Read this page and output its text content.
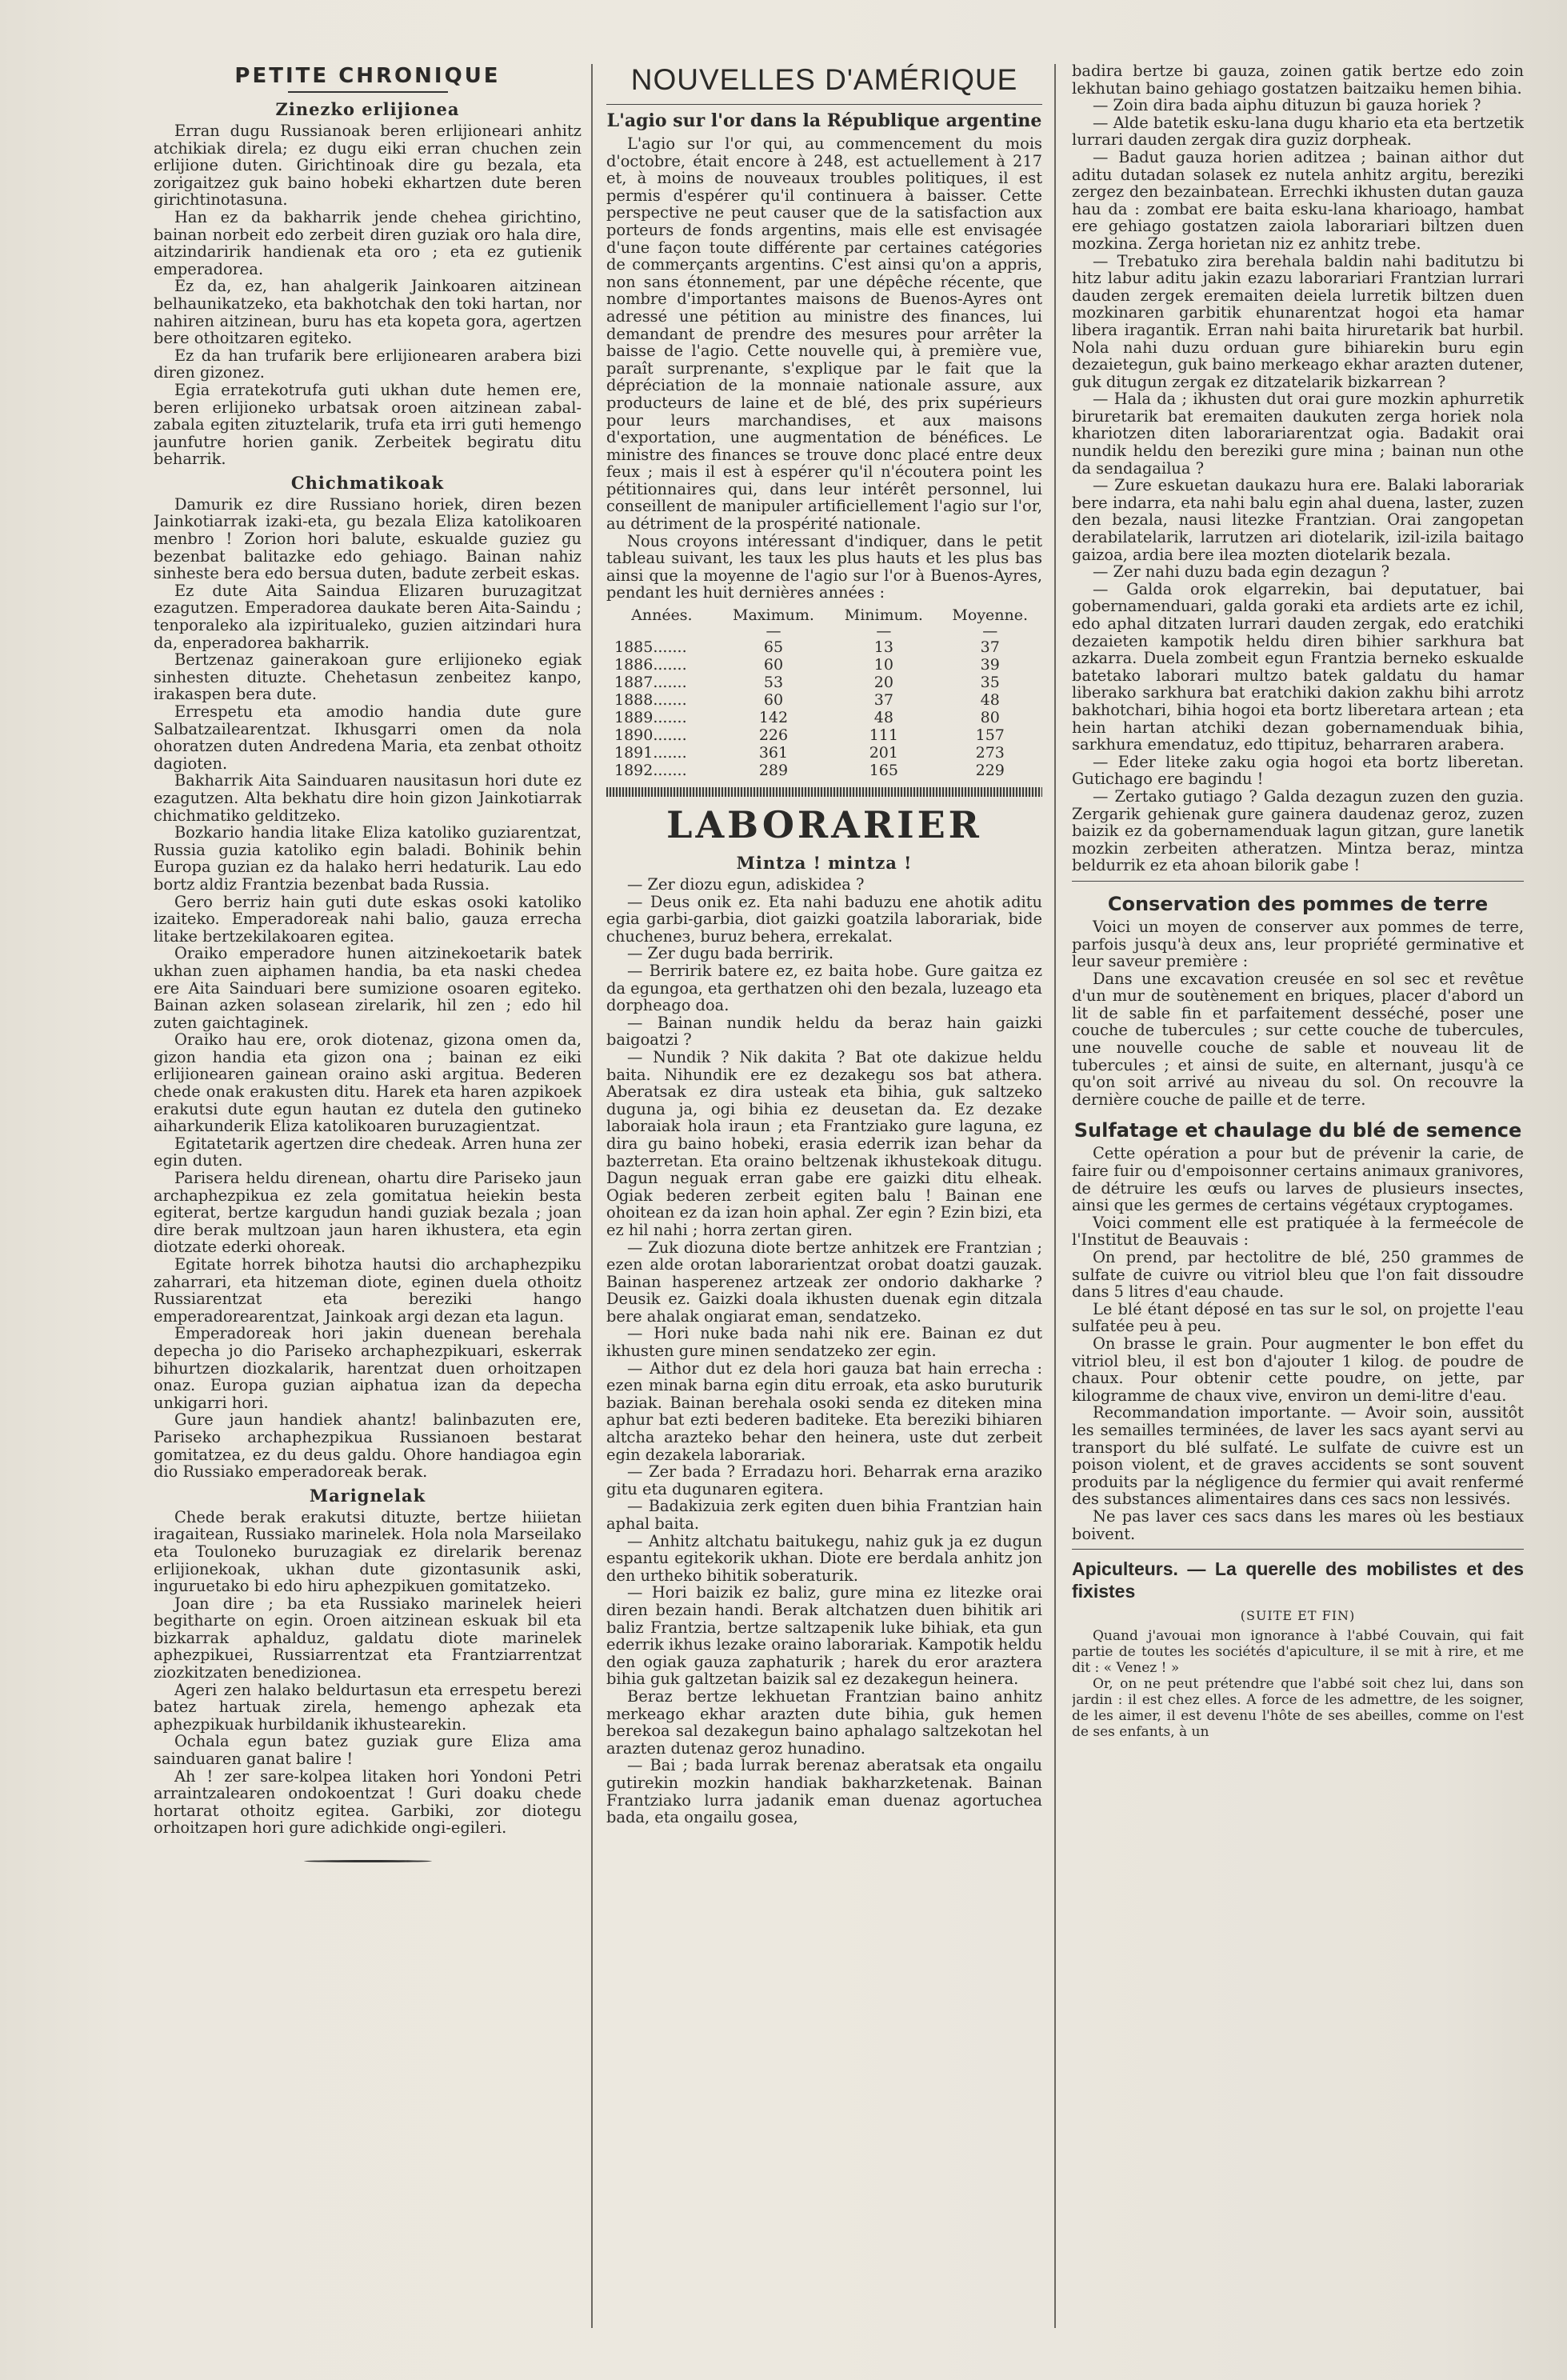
PETITE CHRONIQUE
Zinezko erlijionea

Erran dugu Russianoak beren erlijioneari anhitz atchikiak direla; ez dugu eiki erran chuchen zein erlijione duten. Girichtinoak dire gu bezala, eta zorigaitzez guk baino hobeki ekhartzen dute beren girichtinotasuna.

Han ez da bakharrik jende chehea girichtino, bainan norbeit edo zerbeit diren guziak oro hala dire, aitzindaririk handienak eta oro ; eta ez gutienik emperadorea.

Ez da, ez, han ahalgerik Jainkoaren aitzinean belhaunikatzeko, eta bakhotchak den toki hartan, nor nahiren aitzinean, buru has eta kopeta gora, agertzen bere othoitzaren egiteko.

Ez da han trufarik bere erlijionearen arabera bizi diren gizonez.

Egia erratekotrufa guti ukhan dute hemen ere, beren erlijioneko urbatsak oroen aitzinean zabal-zabala egiten zituztelarik, trufa eta irri guti hemengo jaunfutre horien ganik. Zerbeitek begiratu ditu beharrik.

Chichmatikoak

Damurik ez dire Russiano horiek, diren bezen Jainkotiarrak izaki-eta, gu bezala Eliza katolikoaren menbro ! Zorion hori balute, eskualde guziez gu bezenbat balitazke edo gehiago. Bainan nahiz sinheste bera edo bersua duten, badute zerbeit eskas.

Ez dute Aita Saindua Elizaren buruzagitzat ezagutzen. Emperadorea daukate beren Aita-Saindu ; tenporaleko ala izpiritualeko, guzien aitzindari hura da, enperadorea bakharrik.

Bertzenaz gainerakoan gure erlijioneko egiak sinhesten dituzte. Chehetasun zenbeitez kanpo, irakaspen bera dute.

Errespetu eta amodio handia dute gure Salbatzailearentzat. Ikhusgarri omen da nola ohoratzen duten Andredena Maria, eta zenbat othoitz dagioten.

Bakharrik Aita Sainduaren nausitasun hori dute ez ezagutzen. Alta bekhatu dire hoin gizon Jainkotiarrak chichmatiko gelditzeko.

Bozkario handia litake Eliza katoliko guziarentzat, Russia guzia katoliko egin baladi. Bohinik behin Europa guzian ez da halako herri hedaturik. Lau edo bortz aldiz Frantzia bezenbat bada Russia.

Gero berriz hain guti dute eskas osoki katoliko izaiteko. Emperadoreak nahi balio, gauza errecha litake bertzekilakoaren egitea.

Oraiko emperadore hunen aitzinekoetarik batek ukhan zuen aiphamen handia, ba eta naski chedea ere Aita Sainduari bere sumizione osoaren egiteko. Bainan azken solasean zirelarik, hil zen ; edo hil zuten gaichtaginek.

Oraiko hau ere, orok diotenaz, gizona omen da, gizon handia eta gizon ona ; bainan ez eiki erlijionearen gainean oraino aski argitua. Bederen chede onak erakusten ditu. Harek eta haren azpikoek erakutsi dute egun hautan ez dutela den gutineko aiharkunderik Eliza katolikoaren buruzagientzat.

Egitatetarik agertzen dire chedeak. Arren huna zer egin duten.

Parisera heldu direnean, ohartu dire Pariseko jaun archaphezpikua ez zela gomitatua heiekin besta egiterat, bertze kargudun handi guziak bezala ; joan dire berak multzoan jaun haren ikhustera, eta egin diotzate ederki ohoreak.

Egitate horrek bihotza hautsi dio archaphezpiku zaharrari, eta hitzeman diote, eginen duela othoitz Russiarentzat eta bereziki hango emperadorearentzat, Jainkoak argi dezan eta lagun.

Emperadoreak hori jakin duenean berehala depecha jo dio Pariseko archaphezpikuari, eskerrak bihurtzen diozkalarik, harentzat duen orhoitzapen onaz. Europa guzian aiphatua izan da depecha unkigarri hori.

Gure jaun handiek ahantz! balinbazuten ere, Pariseko archaphezpikua Russianoen bestarat gomitatzea, ez du deus galdu. Ohore handiagoa egin dio Russiako emperadoreak berak.

Marignelak

Chede berak erakutsi dituzte, bertze hiiietan iragaitean, Russiako marinelek. Hola nola Marseilako eta Touloneko buruzagiak ez direlarik berenaz erlijionekoak, ukhan dute gizontasunik aski, inguruetako bi edo hiru aphezpikuen gomitatzeko.

Joan dire ; ba eta Russiako marinelek heieri begitharte on egin. Oroen aitzinean eskuak bil eta bizkarrak aphalduz, galdatu diote marinelek aphezpikuei, Russiarrentzat eta Frantziarrentzat ziozkitzaten benedizionea.

Ageri zen halako beldurtasun eta errespetu berezi batez hartuak zirela, hemengo aphezak eta aphezpikuak hurbildanik ikhustearekin.

Ochala egun batez guziak gure Eliza ama sainduaren ganat balire !

Ah ! zer sare-kolpea litaken hori Yondoni Petri arraintzalearen ondokoentzat ! Guri doaku chede hortarat othoitz egitea. Garbiki, zor diotegu orhoitzapen hori gure adichkide ongi-egileri.

NOUVELLES D'AMÉRIQUE
L'agio sur l'or dans la République argentine

L'agio sur l'or qui, au commencement du mois d'octobre, était encore à 248, est actuellement à 217 et, à moins de nouveaux troubles politiques, il est permis d'espérer qu'il continuera à baisser. Cette perspective ne peut causer que de la satisfaction aux porteurs de fonds argentins, mais elle est envisagée d'une façon toute différente par certaines catégories de commerçants argentins. C'est ainsi qu'on a appris, non sans étonnement, par une dépêche récente, que nombre d'importantes maisons de Buenos-Ayres ont adressé une pétition au ministre des finances, lui demandant de prendre des mesures pour arrêter la baisse de l'agio. Cette nouvelle qui, à première vue, paraît surprenante, s'explique par le fait que la dépréciation de la monnaie nationale assure, aux producteurs de laine et de blé, des prix supérieurs pour leurs marchandises, et aux maisons d'exportation, une augmentation de bénéfices. Le ministre des finances se trouve donc placé entre deux feux ; mais il est à espérer qu'il n'écoutera point les pétitionnaires qui, dans leur intérêt personnel, lui conseillent de manipuler artificiellement l'agio sur l'or, au détriment de la prospérité nationale.

Nous croyons intéressant d'indiquer, dans le petit tableau suivant, les taux les plus hauts et les plus bas ainsi que la moyenne de l'agio sur l'or à Buenos-Ayres, pendant les huit dernières années :

Années.	Maximum.	Minimum.	Moyenne.
	—	—	—
1885.......	65	13	37
1886.......	60	10	39
1887.......	53	20	35
1888.......	60	37	48
1889.......	142	48	80
1890.......	226	111	157
1891.......	361	201	273
1892.......	289	165	229
LABORARIER
Mintza ! mintza !

— Zer diozu egun, adiskidea ?

— Deus onik ez. Eta nahi baduzu ene ahotik aditu egia garbi-garbia, diot gaizki goatzila laborariak, bide chucheneз, buruz behera, errekalat.

— Zer dugu bada berririk.

— Berririk batere ez, ez baita hobe. Gure gaitza ez da egungoa, eta gerthatzen ohi den bezala, luzeago eta dorpheago doa.

— Bainan nundik heldu da beraz hain gaizki baigoatzi ?

— Nundik ? Nik dakita ? Bat ote dakizue heldu baita. Nihundik ere ez dezakegu sos bat athera. Aberatsak ez dira usteak eta bihia, guk saltzeko duguna ja, ogi bihia ez deusetan da. Ez dezake laboraiak hola iraun ; eta Frantziako gure laguna, ez dira gu baino hobeki, erasia ederrik izan behar da bazterretan. Eta oraino beltzenak ikhustekoak ditugu. Dagun neguak erran gabe ere gaizki ditu elheak. Ogiak bederen zerbeit egiten balu ! Bainan ene ohoitean ez da izan hoin aphal. Zer egin ? Ezin bizi, eta ez hil nahi ; horra zertan giren.

— Zuk diozuna diote bertze anhitzek ere Frantzian ; ezen alde orotan laborarientzat orobat doatzi gauzak. Bainan hasperenez artzeak zer ondorio dakharke ? Deusik ez. Gaizki doala ikhusten duenak egin ditzala bere ahalak ongiarat eman, sendatzeko.

— Hori nuke bada nahi nik ere. Bainan ez dut ikhusten gure minen sendatzeko zer egin.

— Aithor dut ez dela hori gauza bat hain errecha : ezen minak barna egin ditu erroak, eta asko buruturik baziak. Bainan berehala osoki senda ez diteken mina aphur bat ezti bederen baditeke. Eta bereziki bihiaren altcha arazteko behar den heinera, uste dut zerbeit egin dezakela laborariak.

— Zer bada ? Erradazu hori. Beharrak erna araziko gitu eta dugunaren egitera.

— Badakizuia zerk egiten duen bihia Frantzian hain aphal baita.

— Anhitz altchatu baitukegu, nahiz guk ja ez dugun espantu egitekorik ukhan. Diote ere berdala anhitz jon den urtheko bihitik soberaturik.

— Hori baizik ez baliz, gure mina ez litezke orai diren bezain handi. Berak altchatzen duen bihitik ari baliz Frantzia, bertze saltzapenik luke bihiak, eta gun ederrik ikhus lezake oraino laborariak. Kampotik heldu den ogiak gauza zaphaturik ; harek du eror araztera bihia guk galtzetan baizik sal ez dezakegun heinera.

Beraz bertze lekhuetan Frantzian baino anhitz merkeago ekhar arazten dute bihia, guk hemen berekoa sal dezakegun baino aphalago saltzekotan hel arazten dutenaz geroz hunadino.

— Bai ; bada lurrak berenaz aberatsak eta ongailu gutirekin mozkin handiak bakharzketenak. Bainan Frantziako lurra jadanik eman duenaz agortuchea bada, eta ongailu gosea,

badira bertze bi gauza, zoinen gatik bertze edo zoin lekhutan baino gehiago gostatzen baitzaiku hemen bihia.

— Zoin dira bada aiphu dituzun bi gauza horiek ?

— Alde batetik esku-lana dugu khario eta eta bertzetik lurrari dauden zergak dira guziz dorpheak.

— Badut gauza horien aditzea ; bainan aithor dut aditu dutadan solasek ez nutela anhitz argitu, bereziki zergez den bezainbatean. Errechki ikhusten dutan gauza hau da : zombat ere baita esku-lana kharioago, hambat ere gehiago gostatzen zaiola laborariari biltzen duen mozkina. Zerga horietan niz ez anhitz trebe.

— Trebatuko zira berehala baldin nahi baditutzu bi hitz labur aditu jakin ezazu laborariari Frantzian lurrari dauden zergek eremaiten deiela lurretik biltzen duen mozkinaren garbitik ehunarentzat hogoi eta hamar libera iragantik. Erran nahi baita hiruretarik bat hurbil. Nola nahi duzu orduan gure bihiarekin buru egin dezaietegun, guk baino merkeago ekhar arazten dutener, guk ditugun zergak ez ditzatelarik bizkarrean ?

— Hala da ; ikhusten dut orai gure mozkin aphurretik biruretarik bat eremaiten daukuten zerga horiek nola khariotzen diten laborariarentzat ogia. Badakit orai nundik heldu den bereziki gure mina ; bainan nun othe da sendagailua ?

— Zure eskuetan daukazu hura ere. Balaki laborariak bere indarra, eta nahi balu egin ahal duena, laster, zuzen den bezala, nausi litezke Frantzian. Orai zangopetan derabilatelarik, larrutzen ari diotelarik, izil-izila baitago gaizoa, ardia bere ilea mozten diotelarik bezala.

— Zer nahi duzu bada egin dezagun ?

— Galda orok elgarrekin, bai deputatuer, bai gobernamenduari, galda goraki eta ardiets arte ez ichil, edo aphal ditzaten lurrari dauden zergak, edo eratchiki dezaieten kampotik heldu diren bihier sarkhura bat azkarra. Duela zombeit egun Frantzia berneko eskualde batetako laborari multzo batek galdatu du hamar liberako sarkhura bat eratchiki dakion zakhu bihi arrotz bakhotchari, bihia hogoi eta bortz liberetara artean ; eta hein hartan atchiki dezan gobernamenduak bihia, sarkhura emendatuz, edo ttipituz, beharraren arabera.

— Eder liteke zaku ogia hogoi eta bortz liberetan. Gutichago ere bagindu !

— Zertako gutiago ? Galda dezagun zuzen den guzia. Zergarik gehienak gure gainera daudenaz geroz, zuzen baizik ez da gobernamenduak lagun gitzan, gure lanetik mozkin zerbeiten atheratzen. Mintza beraz, mintza beldurrik ez eta ahoan bilorik gabe !

Conservation des pommes de terre

Voici un moyen de conserver aux pommes de terre, parfois jusqu'à deux ans, leur propriété germinative et leur saveur première :

Dans une excavation creusée en sol sec et revêtue d'un mur de soutènement en briques, placer d'abord un lit de sable fin et parfaitement desséché, poser une couche de tubercules ; sur cette couche de tubercules, une nouvelle couche de sable et nouveau lit de tubercules ; et ainsi de suite, en alternant, jusqu'à ce qu'on soit arrivé au niveau du sol. On recouvre la dernière couche de paille et de terre.

Sulfatage et chaulage du blé de semence

Cette opération a pour but de prévenir la carie, de faire fuir ou d'empoisonner certains animaux granivores, de détruire les œufs ou larves de plusieurs insectes, ainsi que les germes de certains végétaux cryptogames.

Voici comment elle est pratiquée à la fermeécole de l'Institut de Beauvais :

On prend, par hectolitre de blé, 250 grammes de sulfate de cuivre ou vitriol bleu que l'on fait dissoudre dans 5 litres d'eau chaude.

Le blé étant déposé en tas sur le sol, on projette l'eau sulfatée peu à peu.

On brasse le grain. Pour augmenter le bon effet du vitriol bleu, il est bon d'ajouter 1 kilog. de poudre de chaux. Pour obtenir cette poudre, on jette, par kilogramme de chaux vive, environ un demi-litre d'eau.

Recommandation importante. — Avoir soin, aussitôt les semailles terminées, de laver les sacs ayant servi au transport du blé sulfaté. Le sulfate de cuivre est un poison violent, et de graves accidents se sont souvent produits par la négligence du fermier qui avait renfermé des substances alimentaires dans ces sacs non lessivés.

Ne pas laver ces sacs dans les mares où les bestiaux boivent.

Apiculteurs. — La querelle des mobilistes et des fixistes
(SUITE ET FIN)

Quand j'avouai mon ignorance à l'abbé Couvain, qui fait partie de toutes les sociétés d'apiculture, il se mit à rire, et me dit : « Venez ! »

Or, on ne peut prétendre que l'abbé soit chez lui, dans son jardin : il est chez elles. A force de les admettre, de les soigner, de les aimer, il est devenu l'hôte de ses abeilles, comme on l'est de ses enfants, à un
